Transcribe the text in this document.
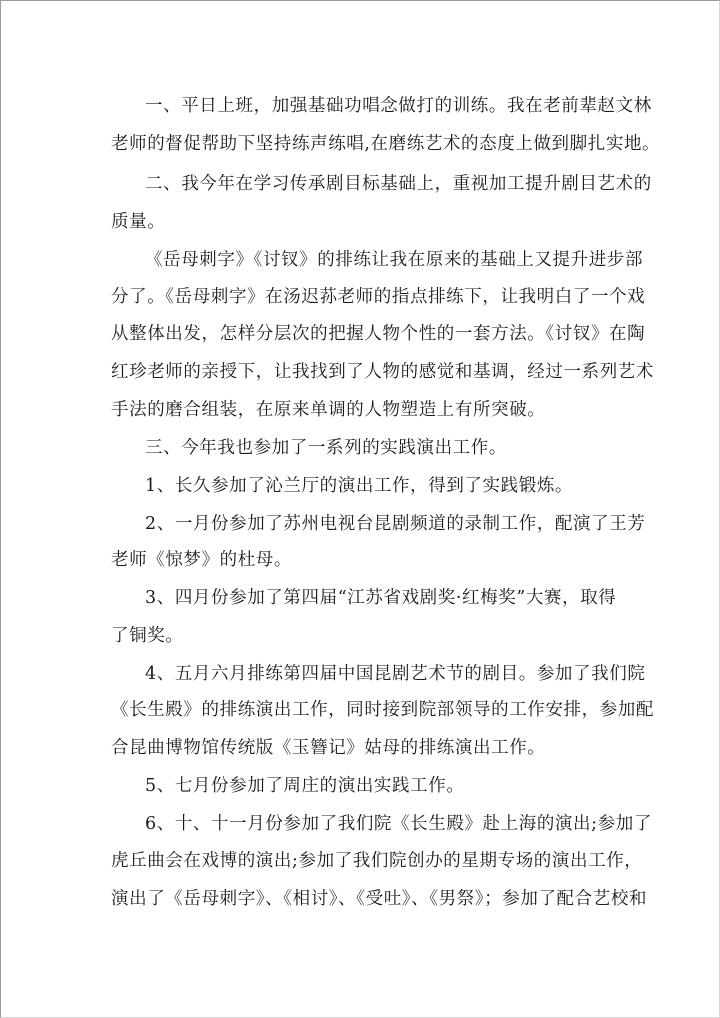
一、平日上班，加强基础功唱念做打的训练。我在老前辈赵文林

老师的督促帮助下坚持练声练唱,在磨练艺术的态度上做到脚扎实地。

二、我今年在学习传承剧目标基础上，重视加工提升剧目艺术的

质量。

《岳母刺字》《讨钗》的排练让我在原来的基础上又提升进步部

分了。《岳母刺字》在汤迟荪老师的指点排练下，让我明白了一个戏

从整体出发，怎样分层次的把握人物个性的一套方法。《讨钗》在陶

红珍老师的亲授下，让我找到了人物的感觉和基调，经过一系列艺术

手法的磨合组装，在原来单调的人物塑造上有所突破。

三、今年我也参加了一系列的实践演出工作。

1、长久参加了沁兰厅的演出工作，得到了实践锻炼。

2、一月份参加了苏州电视台昆剧频道的录制工作，配演了王芳

老师《惊梦》的杜母。

3、四月份参加了第四届“江苏省戏剧奖·红梅奖”大赛，取得

了铜奖。

4、五月六月排练第四届中国昆剧艺术节的剧目。参加了我们院

《长生殿》的排练演出工作，同时接到院部领导的工作安排，参加配

合昆曲博物馆传统版《玉簪记》姑母的排练演出工作。

5、七月份参加了周庄的演出实践工作。

6、十、十一月份参加了我们院《长生殿》赴上海的演出;参加了

虎丘曲会在戏博的演出;参加了我们院创办的星期专场的演出工作，

演出了《岳母刺字》、《相讨》、《受吐》、《男祭》；参加了配合艺校和
